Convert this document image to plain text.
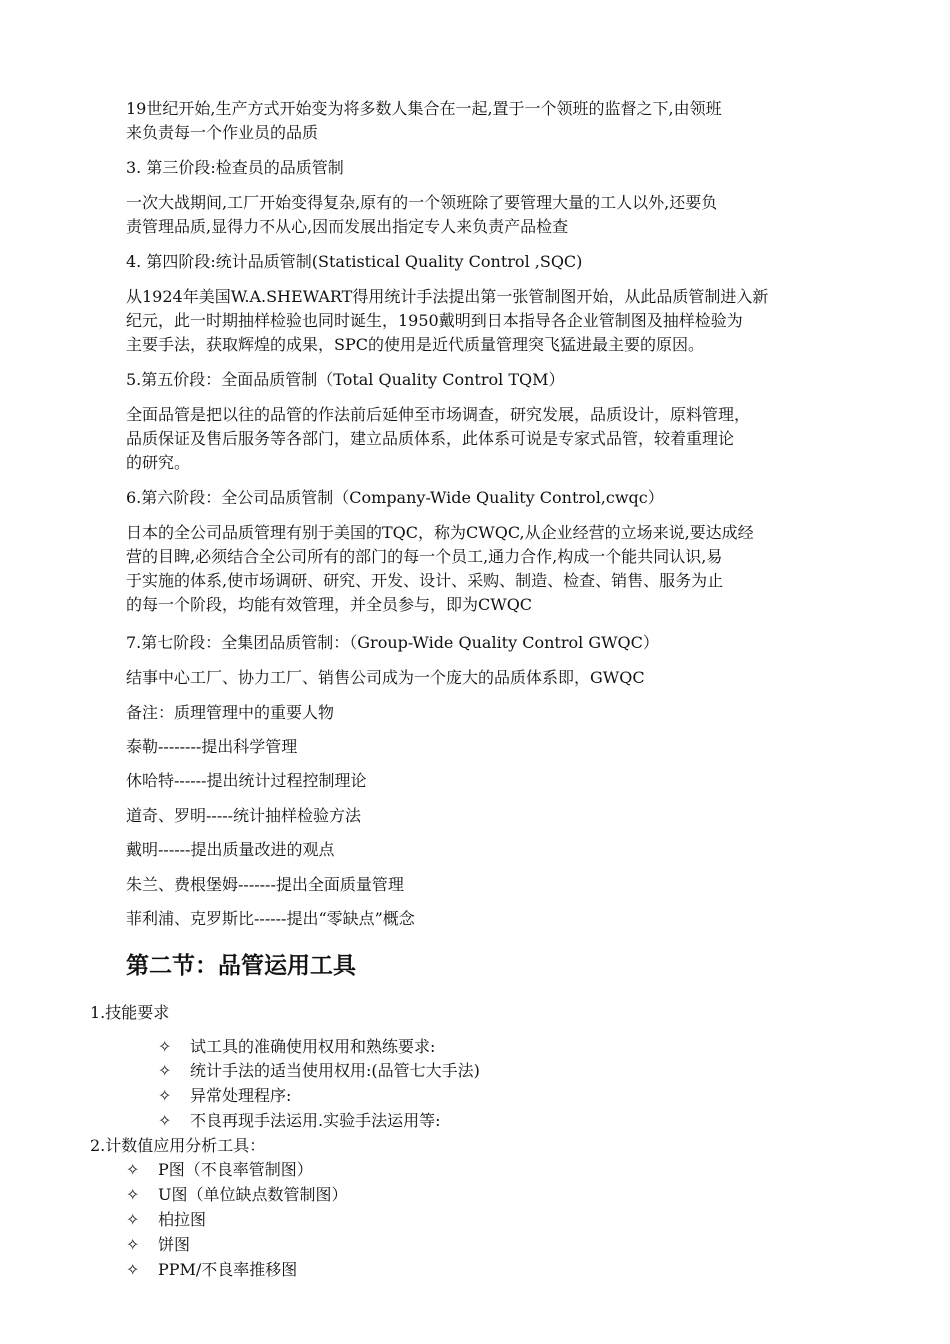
19世纪开始,生产方式开始变为将多数人集合在一起,置于一个领班的监督之下,由领班

来负责每一个作业员的品质

3. 第三价段:检查员的品质管制

一次大战期间,工厂开始变得复杂,原有的一个领班除了要管理大量的工人以外,还要负

责管理品质,显得力不从心,因而发展出指定专人来负责产品检查

4. 第四阶段:统计品质管制(Statistical Quality Control ,SQC)

从1924年美国W.A.SHEWART得用统计手法提出第一张管制图开始，从此品质管制进入新

纪元，此一时期抽样检验也同时诞生，1950戴明到日本指导各企业管制图及抽样检验为

主要手法，获取辉煌的成果，SPC的使用是近代质量管理突飞猛进最主要的原因。

5.第五价段：全面品质管制（Total Quality Control TQM）

全面品管是把以往的品管的作法前后延伸至市场调查，研究发展，品质设计，原料管理，

品质保证及售后服务等各部门，建立品质体系，此体系可说是专家式品管，较着重理论

的研究。

6.第六阶段：全公司品质管制（Company-Wide Quality Control,cwqc）

日本的全公司品质管理有别于美国的TQC，称为CWQC,从企业经营的立场来说,要达成经

营的目睥,必须结合全公司所有的部门的每一个员工,通力合作,构成一个能共同认识,易

于实施的体系,使市场调研、研究、开发、设计、采购、制造、检查、销售、服务为止

的每一个阶段，均能有效管理，并全员参与，即为CWQC

7.第七阶段：全集团品质管制：（Group-Wide Quality Control GWQC）

结事中心工厂、协力工厂、销售公司成为一个庞大的品质体系即，GWQC

备注：质理管理中的重要人物

泰勒--------提出科学管理

休哈特------提出统计过程控制理论

道奇、罗明-----统计抽样检验方法

戴明------提出质量改进的观点

朱兰、费根堡姆-------提出全面质量管理

菲利浦、克罗斯比------提出“零缺点”概念

第二节：品管运用工具
1.技能要求
✧ 试工具的准确使用权用和熟练要求:
✧ 统计手法的适当使用权用:(品管七大手法)
✧ 异常处理程序:
✧ 不良再现手法运用.实验手法运用等:
2.计数值应用分析工具：
✧ P图（不良率管制图）
✧ U图（单位缺点数管制图）
✧ 柏拉图
✧ 饼图
✧ PPM/不良率推移图
